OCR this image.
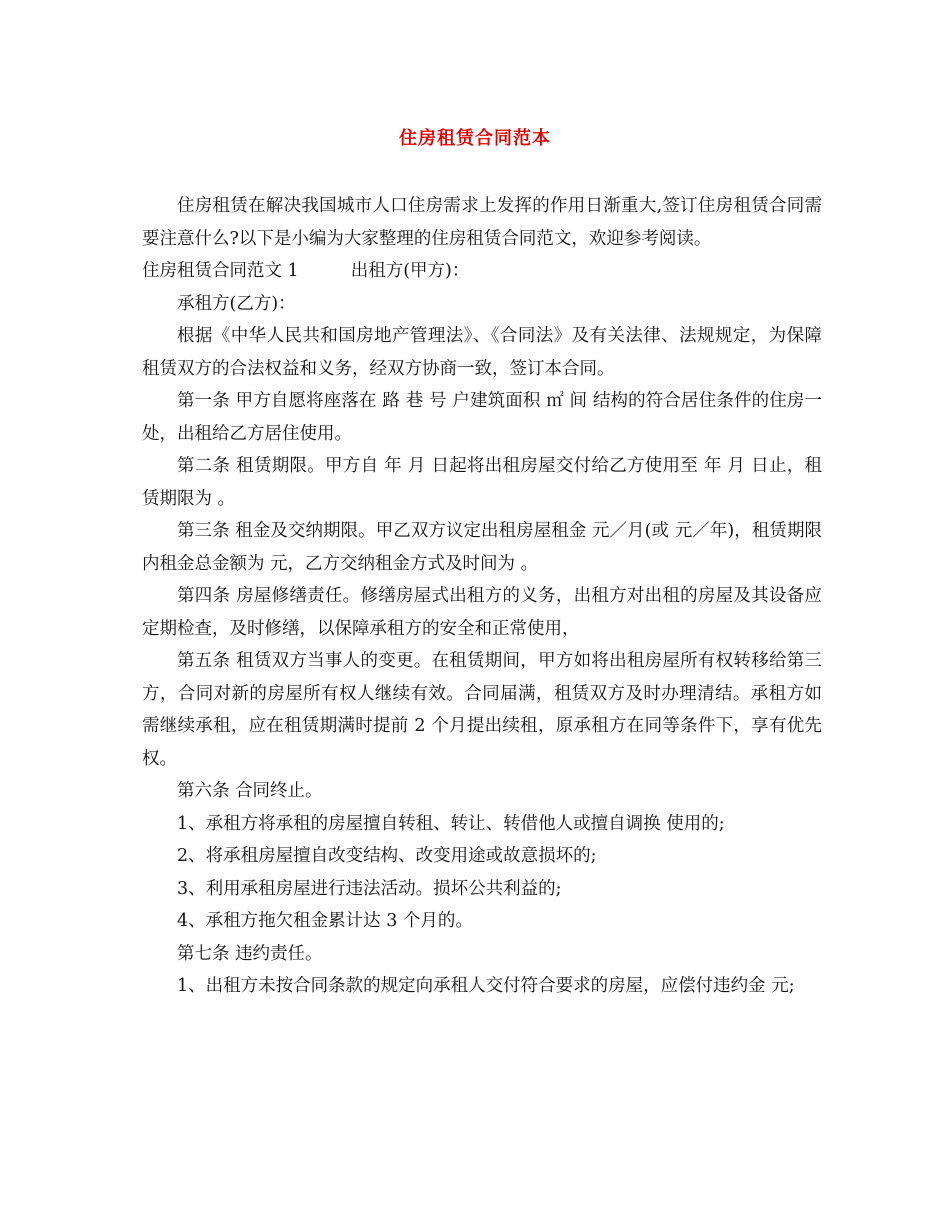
住房租赁合同范本

住房租赁在解决我国城市人口住房需求上发挥的作用日渐重大,签订住房租赁合同需要注意什么?以下是小编为大家整理的住房租赁合同范文，欢迎参考阅读。

住房租赁合同范文 1	出租方(甲方)：

承租方(乙方)：

根据《中华人民共和国房地产管理法》、《合同法》及有关法律、法规规定，为保障租赁双方的合法权益和义务，经双方协商一致，签订本合同。

第一条 甲方自愿将座落在 路 巷 号 户建筑面积 ㎡ 间 结构的符合居住条件的住房一处，出租给乙方居住使用。

第二条 租赁期限。甲方自 年 月 日起将出租房屋交付给乙方使用至 年 月 日止，租赁期限为 。

第三条 租金及交纳期限。甲乙双方议定出租房屋租金 元／月(或 元／年)，租赁期限内租金总金额为 元，乙方交纳租金方式及时间为 。

第四条 房屋修缮责任。修缮房屋式出租方的义务，出租方对出租的房屋及其设备应定期检查，及时修缮，以保障承租方的安全和正常使用，

第五条 租赁双方当事人的变更。在租赁期间，甲方如将出租房屋所有权转移给第三方，合同对新的房屋所有权人继续有效。合同届满，租赁双方及时办理清结。承租方如需继续承租，应在租赁期满时提前 2 个月提出续租，原承租方在同等条件下，享有优先权。

第六条 合同终止。

1、承租方将承租的房屋擅自转租、转让、转借他人或擅自调换 使用的;

2、将承租房屋擅自改变结构、改变用途或故意损坏的;

3、利用承租房屋进行违法活动。损坏公共利益的;

4、承租方拖欠租金累计达 3 个月的。

第七条 违约责任。

1、出租方未按合同条款的规定向承租人交付符合要求的房屋，应偿付违约金 元;
